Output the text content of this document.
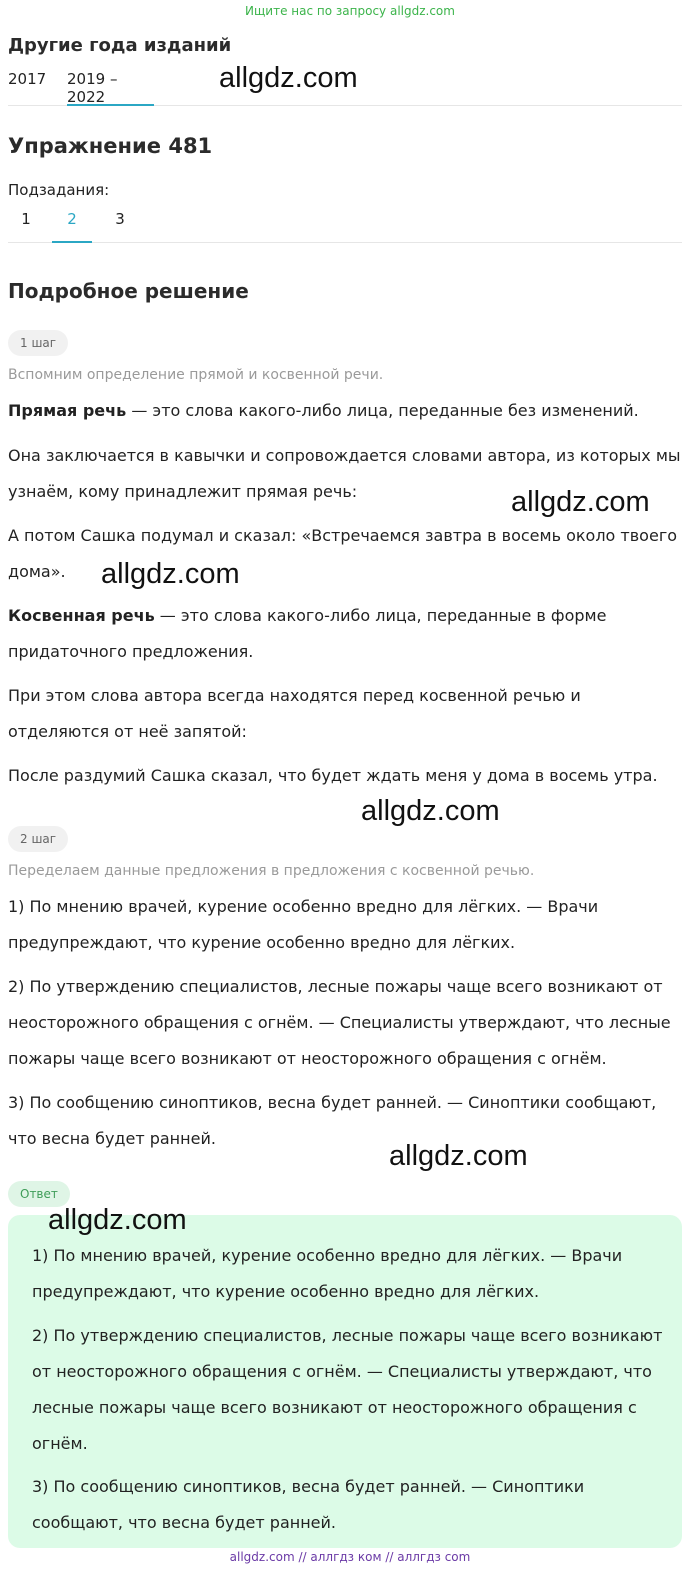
Ищите нас по запросу allgdz.com
Другие года изданий
2017 2019 – 2022
Упражнение 481
Подзадания:
1	2	3
Подробное решение
1 шаг
Вспомним определение прямой и косвенной речи.
Прямая речь — это слова какого-либо лица, переданные без изменений.
Она заключается в кавычки и сопровождается словами автора, из которых мы узнаём, кому принадлежит прямая речь:
А потом Сашка подумал и сказал: «Встречаемся завтра в восемь около твоего дома».
Косвенная речь — это слова какого-либо лица, переданные в форме придаточного предложения.
При этом слова автора всегда находятся перед косвенной речью и отделяются от неё запятой:
После раздумий Сашка сказал, что будет ждать меня у дома в восемь утра.
2 шаг
Переделаем данные предложения в предложения с косвенной речью.
1) По мнению врачей, курение особенно вредно для лёгких. — Врачи предупреждают, что курение особенно вредно для лёгких.
2) По утверждению специалистов, лесные пожары чаще всего возникают от неосторожного обращения с огнём. — Специалисты утверждают, что лесные пожары чаще всего возникают от неосторожного обращения с огнём.
3) По сообщению синоптиков, весна будет ранней. — Синоптики сообщают, что весна будет ранней.
Ответ
1) По мнению врачей, курение особенно вредно для лёгких. — Врачи предупреждают, что курение особенно вредно для лёгких.
2) По утверждению специалистов, лесные пожары чаще всего возникают от неосторожного обращения с огнём. — Специалисты утверждают, что лесные пожары чаще всего возникают от неосторожного обращения с огнём.
3) По сообщению синоптиков, весна будет ранней. — Синоптики сообщают, что весна будет ранней.
allgdz.com
allgdz.com
allgdz.com
allgdz.com
allgdz.com
allgdz.com
allgdz.com // аллгдз ком // аллгдз com
